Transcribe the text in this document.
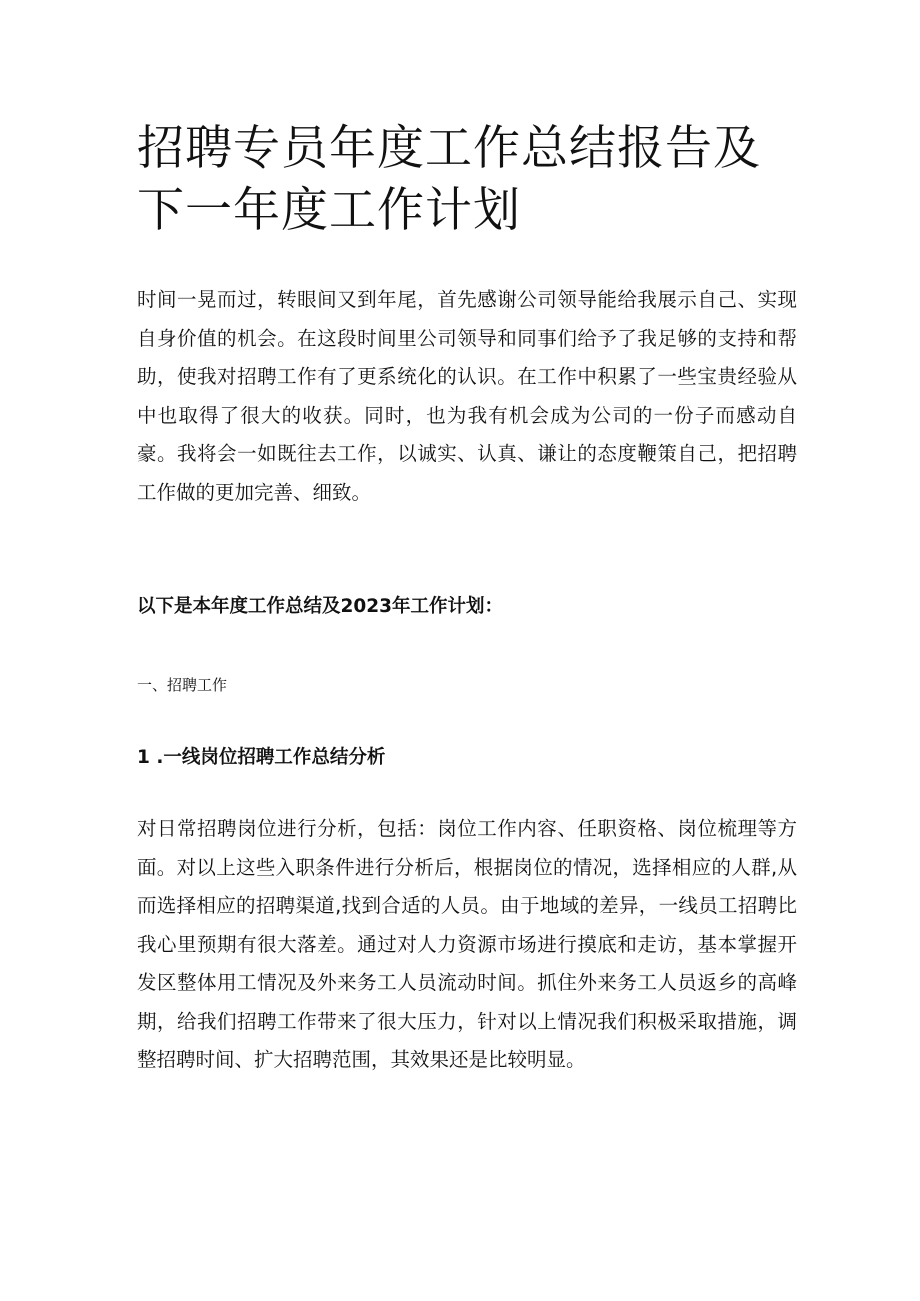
招聘专员年度工作总结报告及下一年度工作计划

时间一晃而过，转眼间又到年尾，首先感谢公司领导能给我展示自己、实现自身价值的机会。在这段时间里公司领导和同事们给予了我足够的支持和帮助，使我对招聘工作有了更系统化的认识。在工作中积累了一些宝贵经验从中也取得了很大的收获。同时，也为我有机会成为公司的一份子而感动自豪。我将会一如既往去工作，以诚实、认真、谦让的态度鞭策自己，把招聘工作做的更加完善、细致。

以下是本年度工作总结及2023年工作计划：

一、招聘工作

1 .一线岗位招聘工作总结分析

对日常招聘岗位进行分析，包括：岗位工作内容、任职资格、岗位梳理等方面。对以上这些入职条件进行分析后，根据岗位的情况，选择相应的人群,从而选择相应的招聘渠道,找到合适的人员。由于地域的差异，一线员工招聘比我心里预期有很大落差。通过对人力资源市场进行摸底和走访，基本掌握开发区整体用工情况及外来务工人员流动时间。抓住外来务工人员返乡的高峰期，给我们招聘工作带来了很大压力，针对以上情况我们积极采取措施，调整招聘时间、扩大招聘范围，其效果还是比较明显。
